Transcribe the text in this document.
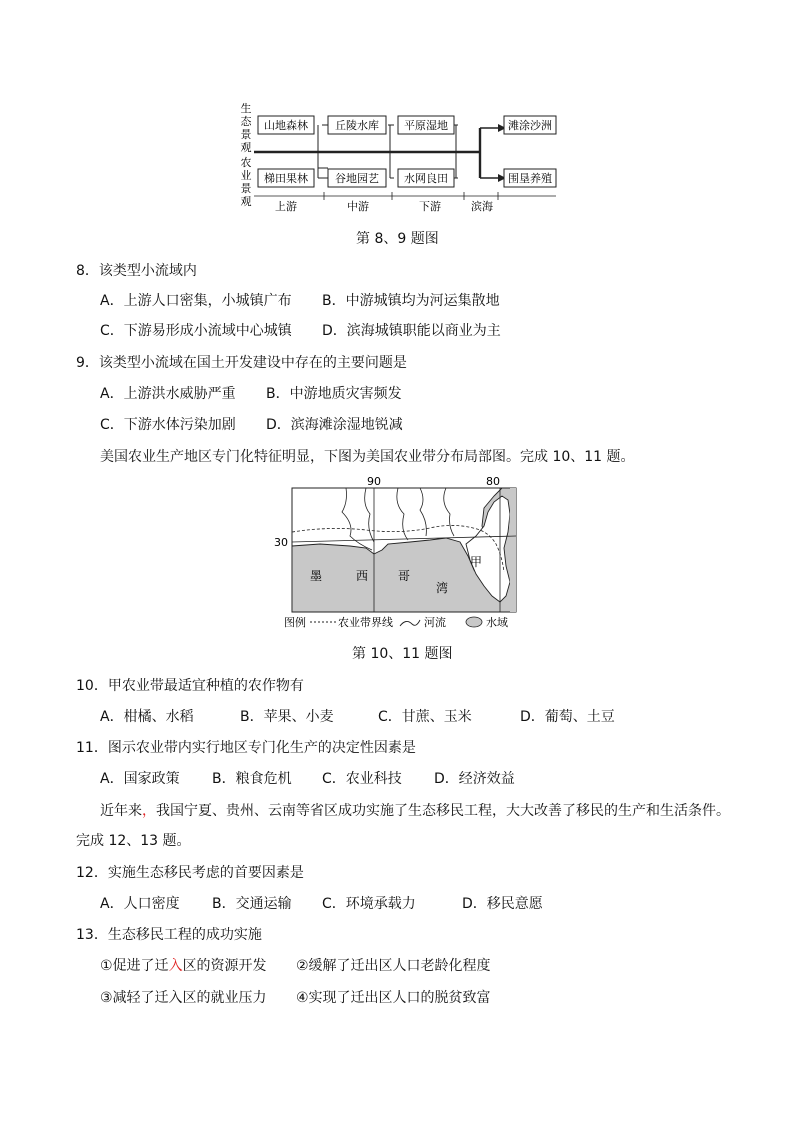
生
态
景
观
农
业
景
观
山地森林 丘陵水库 平原湿地	滩涂沙洲
梯田果林 谷地园艺 水网良田	围垦养殖
上游	中游	下游	滨海
第 8、9 题图
8．该类型小流域内
A．上游人口密集，小城镇广布 B．中游城镇均为河运集散地
C．下游易形成小流域中心城镇 D．滨海城镇职能以商业为主
9．该类型小流域在国土开发建设中存在的主要问题是
A．上游洪水威胁严重 B．中游地质灾害频发
C．下游水体污染加剧 D．滨海滩涂湿地锐减
美国农业生产地区专门化特征明显，下图为美国农业带分布局部图。完成 10、11 题。
90	80
30
墨	西 哥
湾
甲
图例	农业带界线	河流	水域
第 10、11 题图
10．甲农业带最适宜种植的农作物有
A．柑橘、水稻	B．苹果、小麦	C．甘蔗、玉米	D．葡萄、土豆
11．图示农业带内实行地区专门化生产的决定性因素是
A．国家政策 B．粮食危机 C．农业科技 D．经济效益
近年来，我国宁夏、贵州、云南等省区成功实施了生态移民工程，大大改善了移民的生产和生活条件。
完成 12、13 题。
12．实施生态移民考虑的首要因素是
A．人口密度 B．交通运输 C．环境承载力	D．移民意愿
13．生态移民工程的成功实施
①促进了迁入区的资源开发 ②缓解了迁出区人口老龄化程度
③减轻了迁入区的就业压力 ④实现了迁出区人口的脱贫致富
